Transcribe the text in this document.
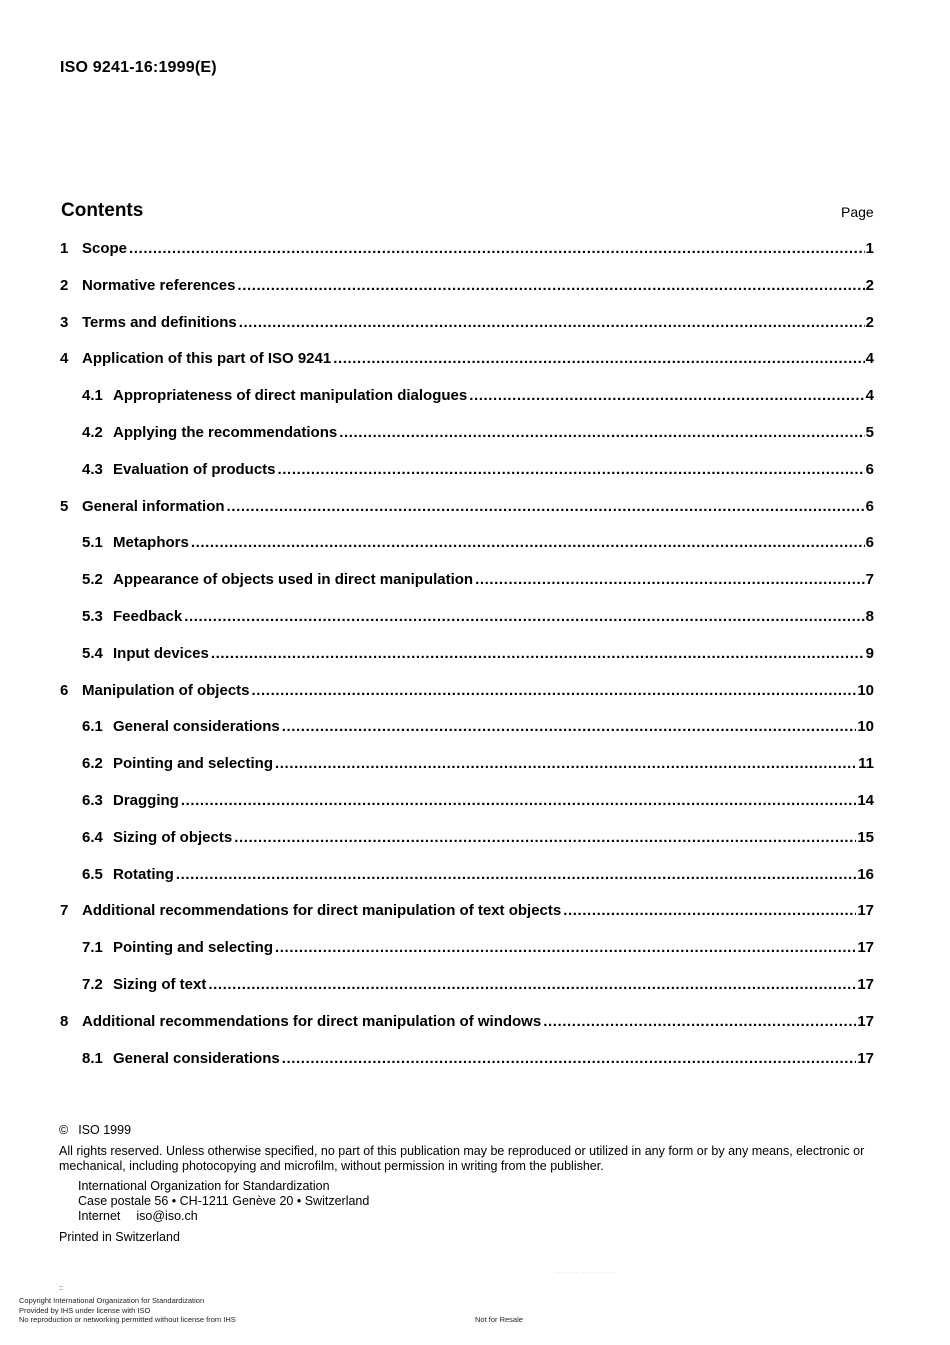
ISO 9241-16:1999(E)
Contents	Page
1 Scope .....	1
2 Normative references .....	2
3 Terms and definitions .....	2
4 Application of this part of ISO 9241 .....	4
4.1 Appropriateness of direct manipulation dialogues .....	4
4.2 Applying the recommendations .....	5
4.3 Evaluation of products .....	6
5 General information .....	6
5.1 Metaphors .....	6
5.2 Appearance of objects used in direct manipulation .....	7
5.3 Feedback .....	8
5.4 Input devices .....	9
6 Manipulation of objects .....	10
6.1 General considerations .....	10
6.2 Pointing and selecting .....	11
6.3 Dragging .....	14
6.4 Sizing of objects .....	15
6.5 Rotating .....	16
7 Additional recommendations for direct manipulation of text objects .....	17
7.1 Pointing and selecting .....	17
7.2 Sizing of text .....	17
8 Additional recommendations for direct manipulation of windows .....	17
8.1 General considerations .....	17
© ISO 1999
All rights reserved. Unless otherwise specified, no part of this publication may be reproduced or utilized in any form or by any means, electronic or mechanical, including photocopying and microfilm, without permission in writing from the publisher.
International Organization for Standardization
Case postale 56 • CH-1211 Genève 20 • Switzerland
Internet iso@iso.ch
Printed in Switzerland
········ ··· ········
::
Copyright International Organization for Standardization
Provided by IHS under license with ISO
No reproduction or networking permitted without license from IHS	Not for Resale
